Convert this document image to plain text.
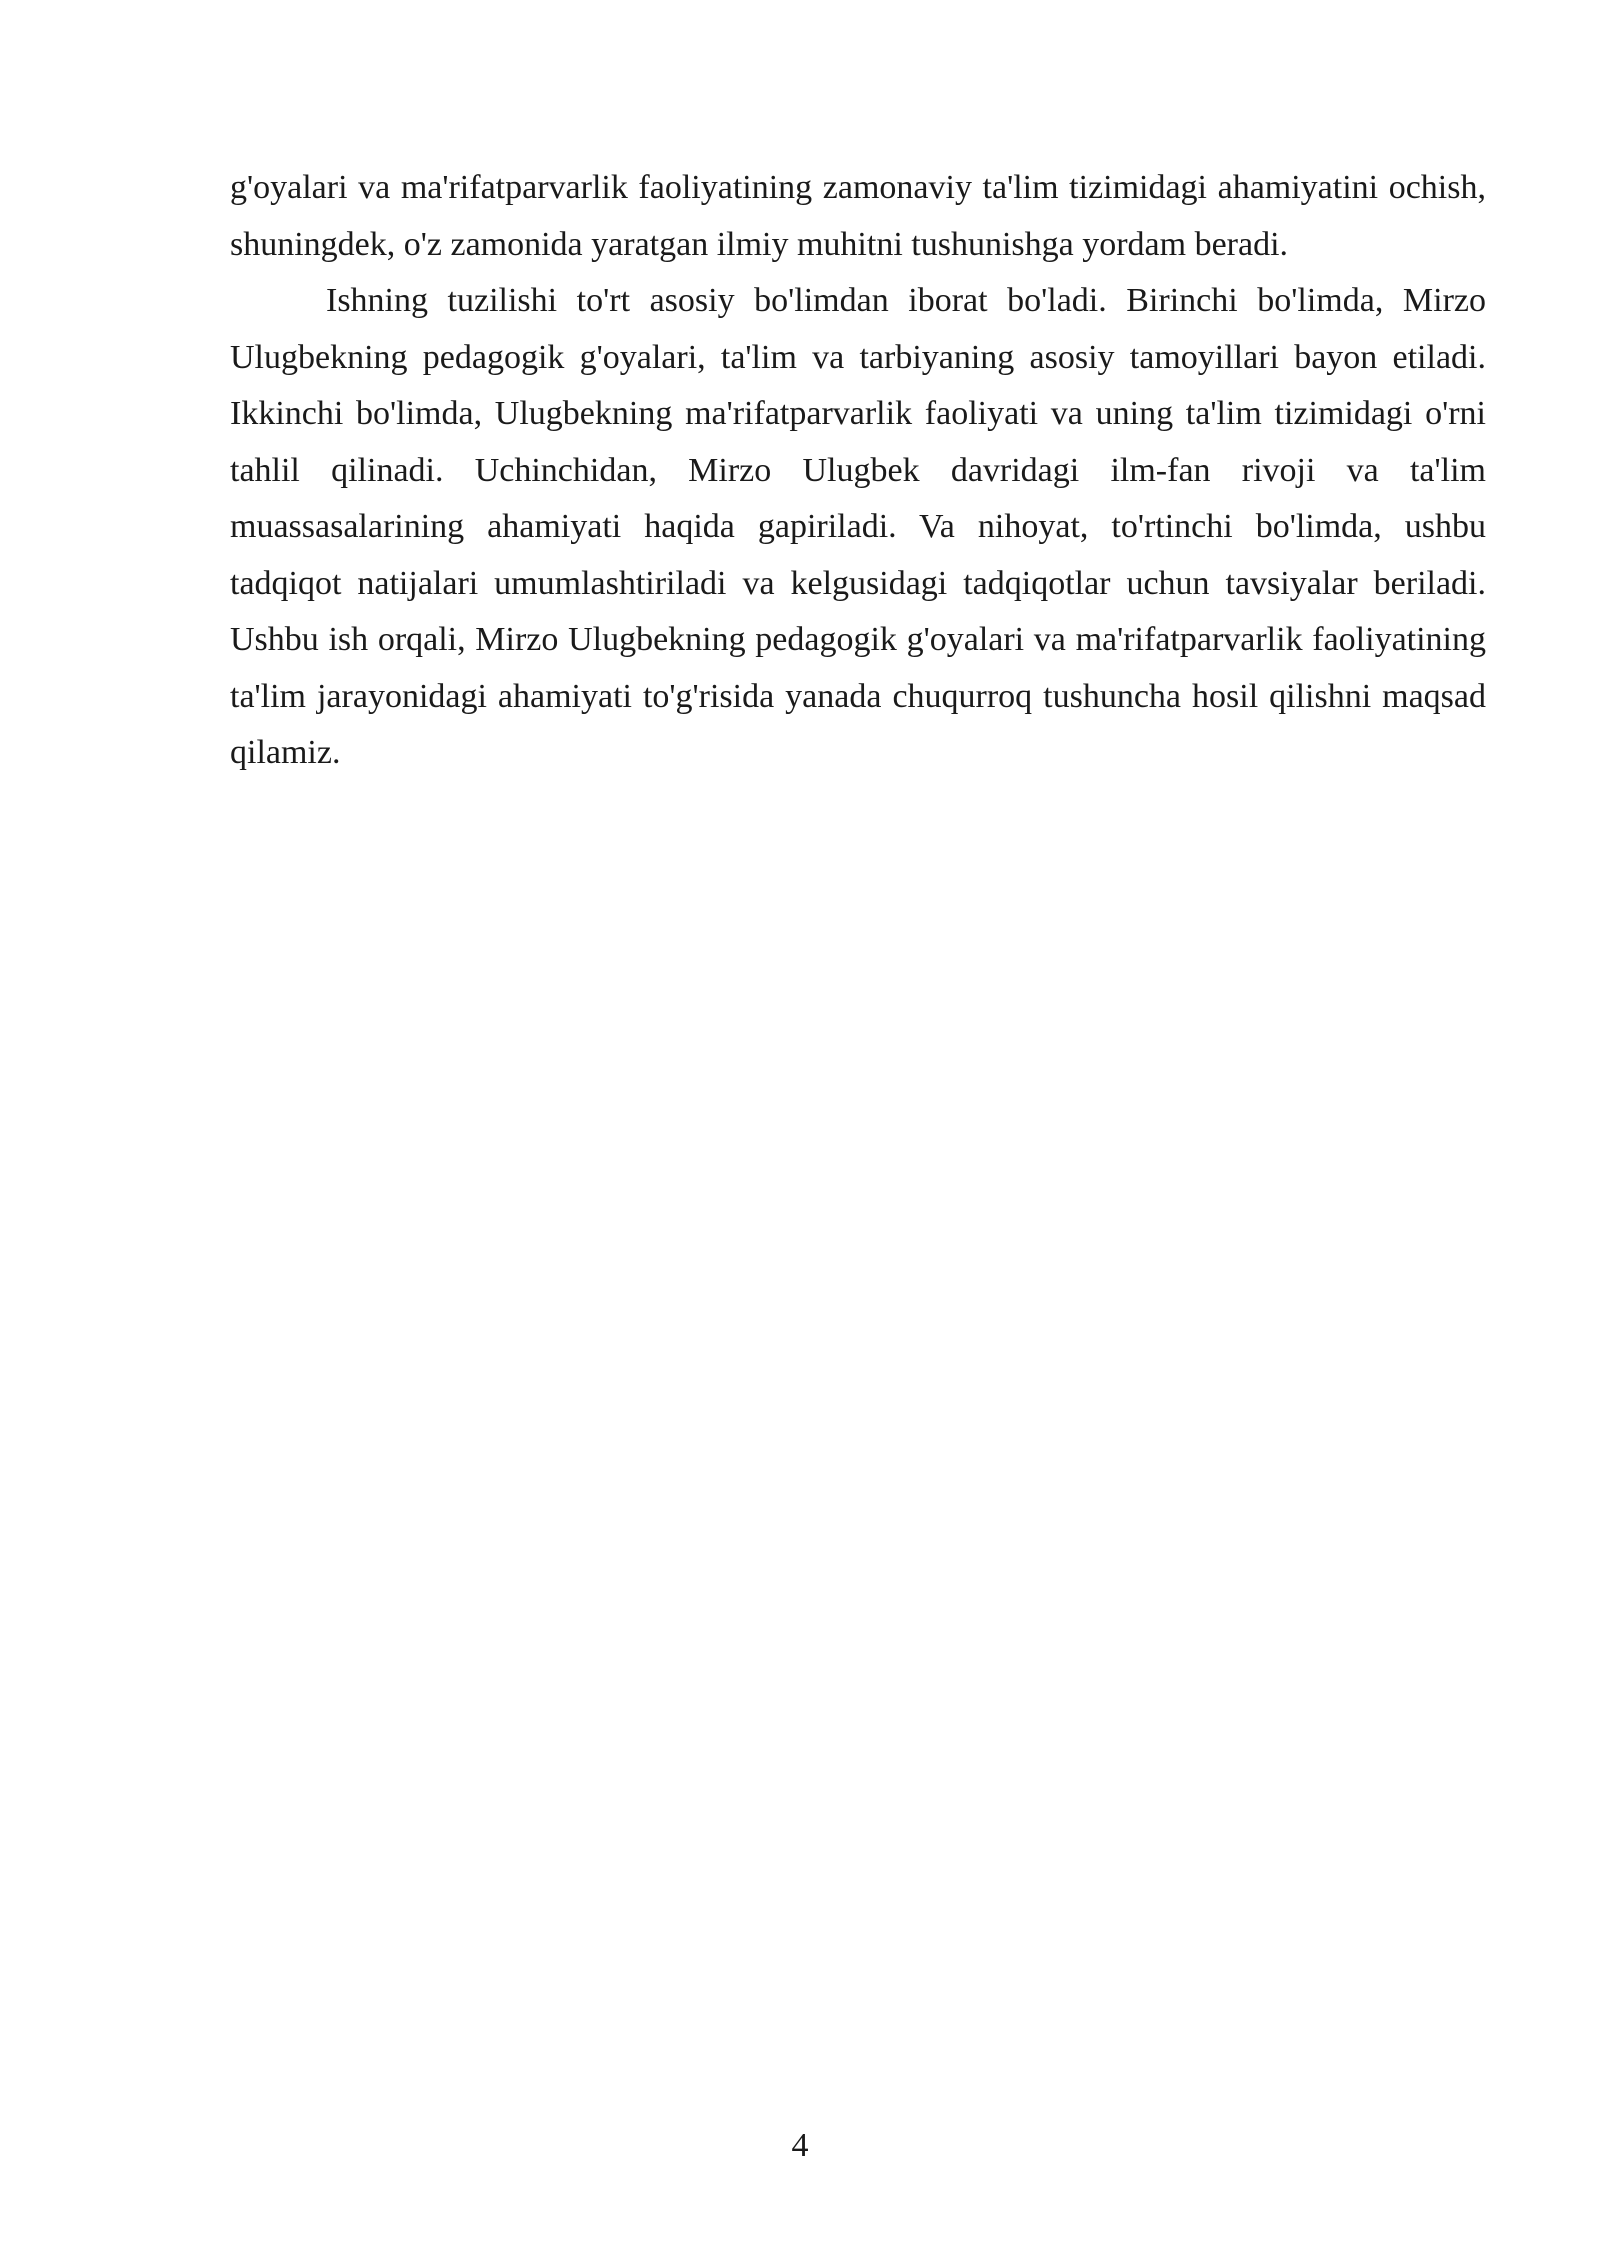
g'oyalari va ma'rifatparvarlik faoliyatining zamonaviy ta'lim tizimidagi ahamiyatini ochish, shuningdek, o'z zamonida yaratgan ilmiy muhitni tushunishga yordam beradi.

Ishning tuzilishi to'rt asosiy bo'limdan iborat bo'ladi. Birinchi bo'limda, Mirzo Ulugbekning pedagogik g'oyalari, ta'lim va tarbiyaning asosiy tamoyillari bayon etiladi. Ikkinchi bo'limda, Ulugbekning ma'rifatparvarlik faoliyati va uning ta'lim tizimidagi o'rni tahlil qilinadi. Uchinchidan, Mirzo Ulugbek davridagi ilm-fan rivoji va ta'lim muassasalarining ahamiyati haqida gapiriladi. Va nihoyat, to'rtinchi bo'limda, ushbu tadqiqot natijalari umumlashtiriladi va kelgusidagi tadqiqotlar uchun tavsiyalar beriladi. Ushbu ish orqali, Mirzo Ulugbekning pedagogik g'oyalari va ma'rifatparvarlik faoliyatining ta'lim jarayonidagi ahamiyati to'g'risida yanada chuqurroq tushuncha hosil qilishni maqsad qilamiz.

4
